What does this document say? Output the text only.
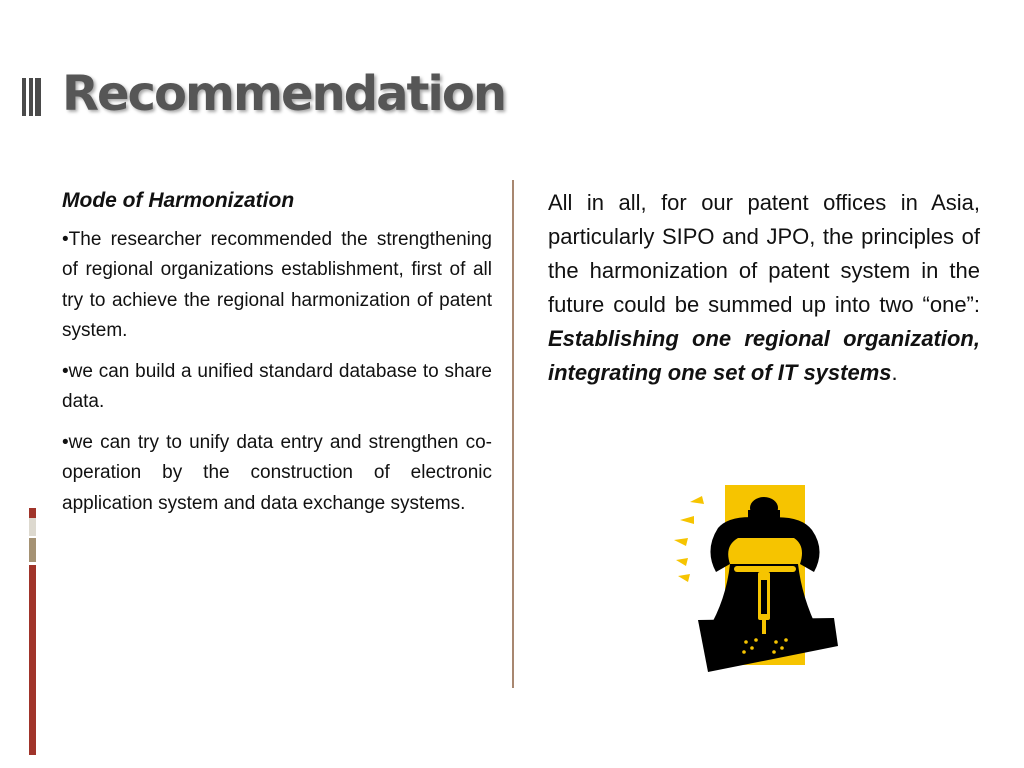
Recommendation
Mode of Harmonization
•The researcher recommended the strengthening of regional organizations establishment, first of all try to achieve the regional harmonization of patent system.
•we can build a unified standard database to share data.
•we can try to unify data entry and strengthen co-operation by the construction of electronic application system and data exchange systems.
All in all, for our patent offices in Asia, particularly SIPO and JPO, the principles of the harmonization of patent system in the future could be summed up into two “one”: Establishing one regional organization, integrating one set of IT systems.
